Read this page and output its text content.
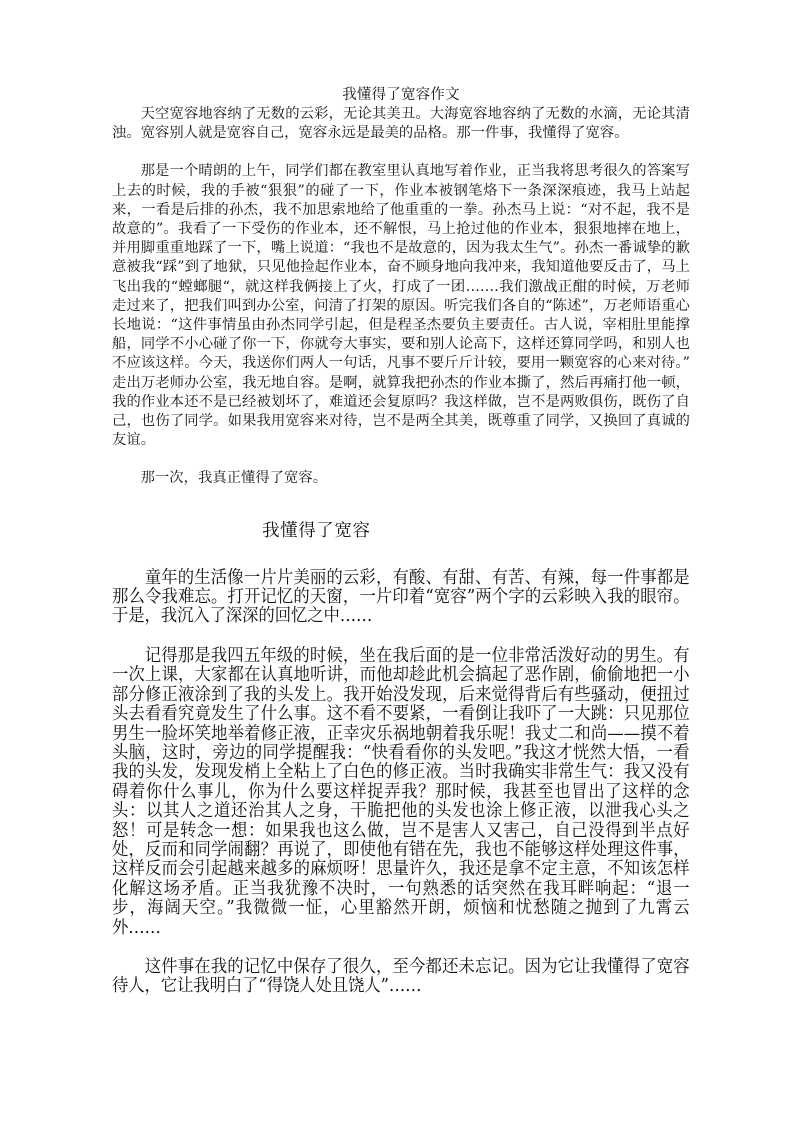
我懂得了宽容作文

天空宽容地容纳了无数的云彩，无论其美丑。大海宽容地容纳了无数的水滴，无论其清浊。宽容别人就是宽容自己，宽容永远是最美的品格。那一件事，我懂得了宽容。

那是一个晴朗的上午，同学们都在教室里认真地写着作业，正当我将思考很久的答案写上去的时候，我的手被“狠狠”的碰了一下，作业本被钢笔烙下一条深深痕迹，我马上站起来，一看是后排的孙杰，我不加思索地给了他重重的一拳。孙杰马上说：“对不起，我不是故意的”。我看了一下受伤的作业本，还不解恨，马上抢过他的作业本，狠狠地摔在地上，并用脚重重地踩了一下，嘴上说道：“我也不是故意的，因为我太生气”。孙杰一番诚挚的歉意被我“踩”到了地狱，只见他捡起作业本，奋不顾身地向我冲来，我知道他要反击了，马上飞出我的“螳螂腿“，就这样我俩接上了火，打成了一团…….我们激战正酣的时候，万老师走过来了，把我们叫到办公室，问清了打架的原因。听完我们各自的“陈述”，万老师语重心长地说：“这件事情虽由孙杰同学引起，但是程圣杰要负主要责任。古人说，宰相肚里能撑船，同学不小心碰了你一下，你就夸大事实，要和别人论高下，这样还算同学吗，和别人也不应该这样。今天，我送你们两人一句话，凡事不要斤斤计较，要用一颗宽容的心来对待。”走出万老师办公室，我无地自容。是啊，就算我把孙杰的作业本撕了，然后再痛打他一顿，我的作业本还不是已经被划坏了，难道还会复原吗？我这样做，岂不是两败俱伤，既伤了自己，也伤了同学。如果我用宽容来对待，岂不是两全其美，既尊重了同学，又换回了真诚的友谊。

那一次，我真正懂得了宽容。

我懂得了宽容

童年的生活像一片片美丽的云彩，有酸、有甜、有苦、有辣，每一件事都是那么令我难忘。打开记忆的天窗，一片印着“宽容”两个字的云彩映入我的眼帘。于是，我沉入了深深的回忆之中……

记得那是我四五年级的时候，坐在我后面的是一位非常活泼好动的男生。有一次上课，大家都在认真地听讲，而他却趁此机会搞起了恶作剧，偷偷地把一小部分修正液涂到了我的头发上。我开始没发现，后来觉得背后有些骚动，便扭过头去看看究竟发生了什么事。这不看不要紧，一看倒让我吓了一大跳：只见那位男生一脸坏笑地举着修正液，正幸灾乐祸地朝着我乐呢！我丈二和尚——摸不着头脑，这时，旁边的同学提醒我：“快看看你的头发吧。”我这才恍然大悟，一看我的头发，发现发梢上全粘上了白色的修正液。当时我确实非常生气：我又没有碍着你什么事儿，你为什么要这样捉弄我？那时候，我甚至也冒出了这样的念头：以其人之道还治其人之身，干脆把他的头发也涂上修正液，以泄我心头之怒！可是转念一想：如果我也这么做，岂不是害人又害己，自己没得到半点好处，反而和同学闹翻？再说了，即使他有错在先，我也不能够这样处理这件事，这样反而会引起越来越多的麻烦呀！思量许久，我还是拿不定主意，不知该怎样化解这场矛盾。正当我犹豫不决时，一句熟悉的话突然在我耳畔响起：“退一步，海阔天空。”我微微一怔，心里豁然开朗，烦恼和忧愁随之抛到了九霄云外……

这件事在我的记忆中保存了很久，至今都还未忘记。因为它让我懂得了宽容待人，它让我明白了“得饶人处且饶人”……
